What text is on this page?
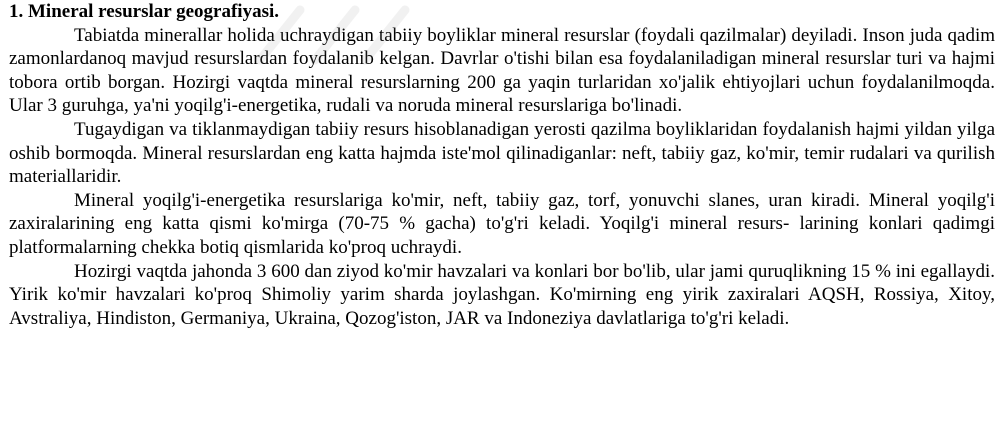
1. Mineral resurslar geografiyasi.

Tabiatda minerallar holida uchraydigan tabiiy boyliklar mineral resurslar (foydali qazilmalar) deyiladi. Inson juda qadim zamonlardanoq mavjud resurslardan foydalanib kelgan. Davrlar o'tishi bilan esa foydalaniladigan mineral resurslar turi va hajmi tobora ortib borgan. Hozirgi vaqtda mineral resurslarning 200 ga yaqin turlaridan xo'jalik ehtiyojlari uchun foydalanilmoqda. Ular 3 guruhga, ya'ni yoqilg'i-energetika, rudali va noruda mineral resurslariga bo'linadi.

Tugaydigan va tiklanmaydigan tabiiy resurs hisoblanadigan yerosti qazilma boyliklaridan foydalanish hajmi yildan yilga oshib bormoqda. Mineral resurslardan eng katta hajmda iste'mol qilinadiganlar: neft, tabiiy gaz, ko'mir, temir rudalari va qurilish materiallaridir.

Mineral yoqilg'i-energetika resurslariga ko'mir, neft, tabiiy gaz, torf, yonuvchi slanes, uran kiradi. Mineral yoqilg'i zaxiralarining eng katta qismi ko'mirga (70-75 % gacha) to'g'ri keladi. Yoqilg'i mineral resurs- larining konlari qadimgi platformalarning chekka botiq qismlarida ko'proq uchraydi.

Hozirgi vaqtda jahonda 3 600 dan ziyod ko'mir havzalari va konlari bor bo'lib, ular jami quruqlikning 15 % ini egallaydi. Yirik ko'mir havzalari ko'proq Shimoliy yarim sharda joylashgan. Ko'mirning eng yirik zaxiralari AQSH, Rossiya, Xitoy, Avstraliya, Hindiston, Germaniya, Ukraina, Qozog'iston, JAR va Indoneziya davlatlariga to'g'ri keladi.
